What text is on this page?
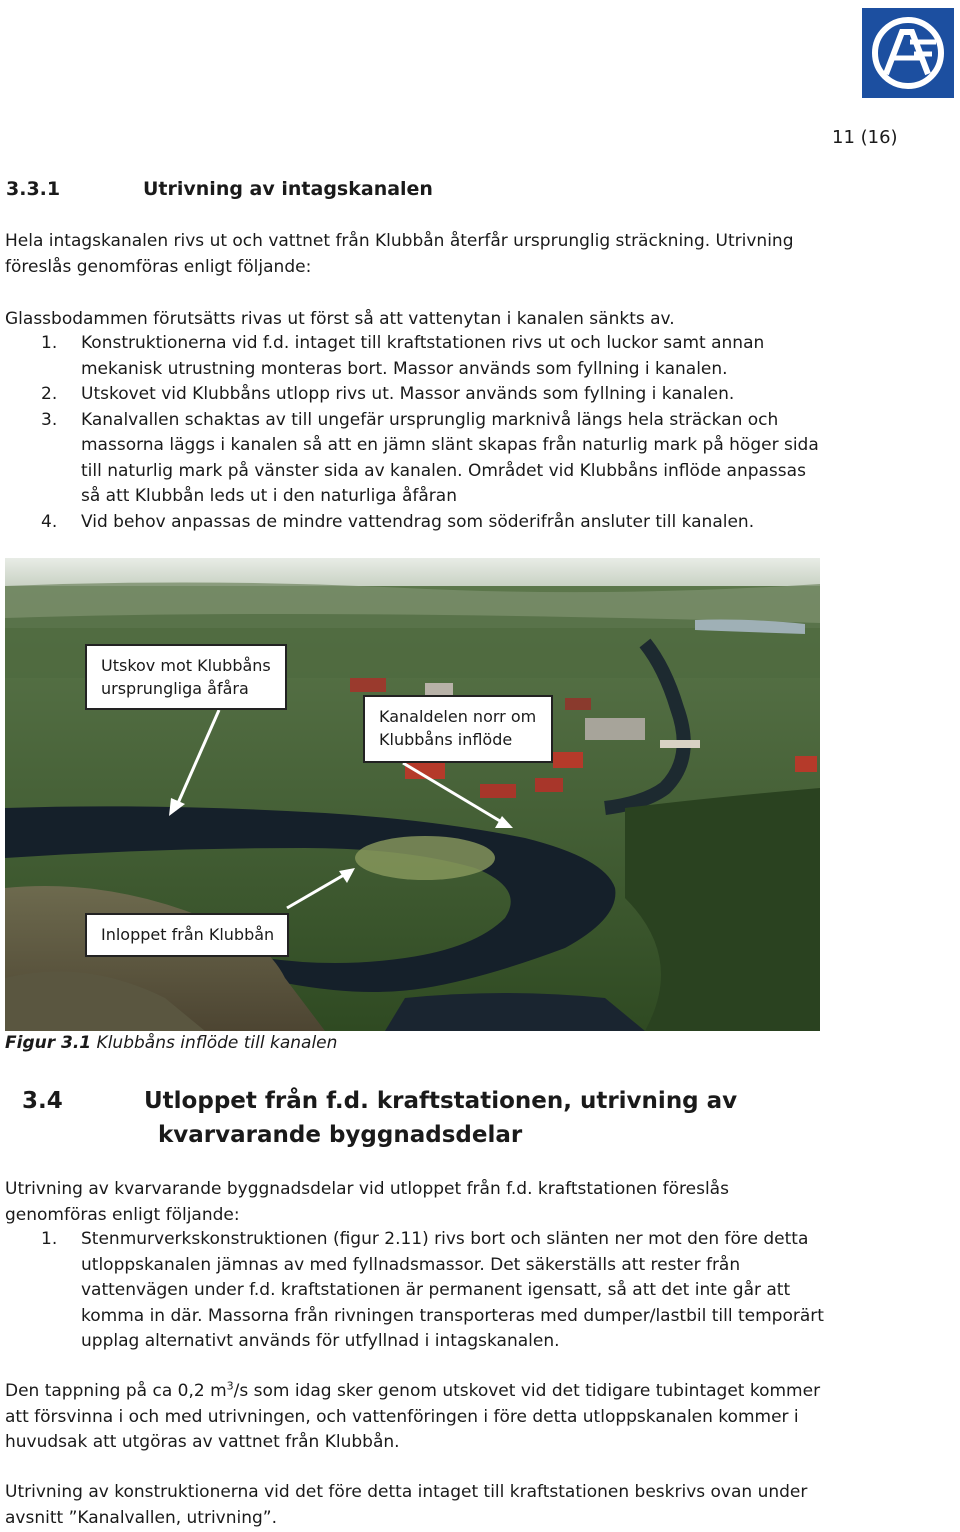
11 (16)
3.3.1	Utrivning av intagskanalen

Hela intagskanalen rivs ut och vattnet från Klubbån återfår ursprunglig sträckning. Utrivning
föreslås genomföras enligt följande:

Glassbodammen förutsätts rivas ut först så att vattenytan i kanalen sänkts av.

1. Konstruktionerna vid f.d. intaget till kraftstationen rivs ut och luckor samt annan mekanisk utrustning monteras bort. Massor används som fyllning i kanalen.
2. Utskovet vid Klubbåns utlopp rivs ut. Massor används som fyllning i kanalen.
3. Kanalvallen schaktas av till ungefär ursprunglig marknivå längs hela sträckan och massorna läggs i kanalen så att en jämn slänt skapas från naturlig mark på höger sida till naturlig mark på vänster sida av kanalen. Området vid Klubbåns inflöde anpassas så att Klubbån leds ut i den naturliga åfåran
4. Vid behov anpassas de mindre vattendrag som söderifrån ansluter till kanalen.
Utskov mot Klubbåns
ursprungliga åfåra
Kanaldelen norr om
Klubbåns inflöde
Inloppet från Klubbån
Figur 3.1 Klubbåns inflöde till kanalen
3.4	Utloppet från f.d. kraftstationen, utrivning av
kvarvarande byggnadsdelar

Utrivning av kvarvarande byggnadsdelar vid utloppet från f.d. kraftstationen föreslås genomföras enligt följande:

1. Stenmurverkskonstruktionen (figur 2.11) rivs bort och slänten ner mot den före detta utloppskanalen jämnas av med fyllnadsmassor. Det säkerställs att rester från vattenvägen under f.d. kraftstationen är permanent igensatt, så att det inte går att komma in där. Massorna från rivningen transporteras med dumper/lastbil till temporärt upplag alternativt används för utfyllnad i intagskanalen.

Den tappning på ca 0,2 $m^3/s$ som idag sker genom utskovet vid det tidigare tubintaget kommer att försvinna i och med utrivningen, och vattenföringen i före detta utloppskanalen kommer i huvudsak att utgöras av vattnet från Klubbån.

Utrivning av konstruktionerna vid det före detta intaget till kraftstationen beskrivs ovan under avsnitt ”Kanalvallen, utrivning”.
